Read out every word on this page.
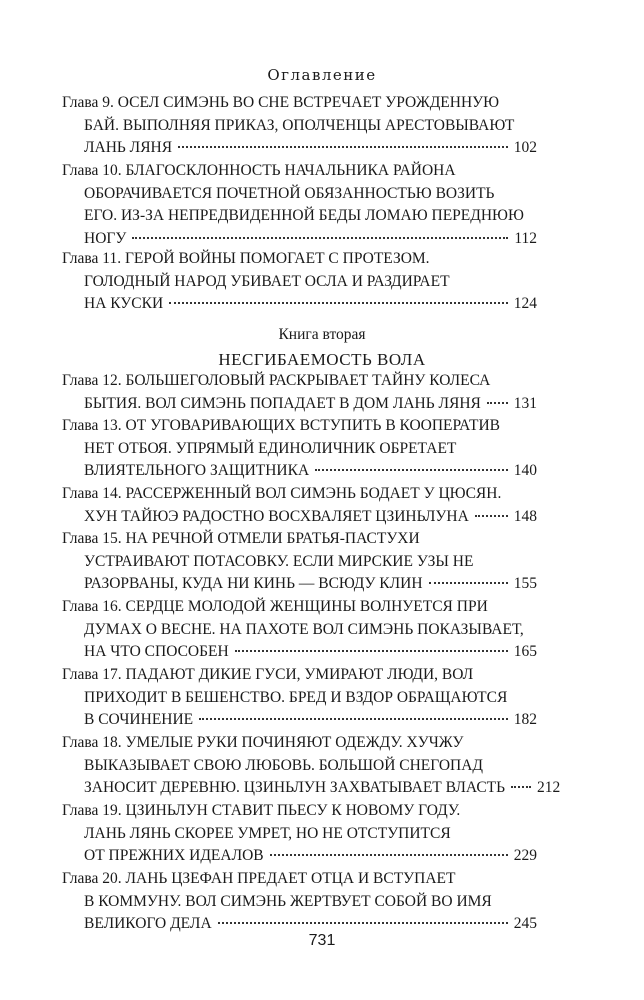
Оглавление
Глава 9. ОСЕЛ СИМЭНЬ ВО СНЕ ВСТРЕЧАЕТ УРОЖДЕННУЮ
БАЙ. ВЫПОЛНЯЯ ПРИКАЗ, ОПОЛЧЕНЦЫ АРЕСТОВЫВАЮТ
ЛАНЬ ЛЯНЯ	102
Глава 10. БЛАГОСКЛОННОСТЬ НАЧАЛЬНИКА РАЙОНА
ОБОРАЧИВАЕТСЯ ПОЧЕТНОЙ ОБЯЗАННОСТЬЮ ВОЗИТЬ
ЕГО. ИЗ-ЗА НЕПРЕДВИДЕННОЙ БЕДЫ ЛОМАЮ ПЕРЕДНЮЮ
НОГУ	112
Глава 11. ГЕРОЙ ВОЙНЫ ПОМОГАЕТ С ПРОТЕЗОМ.
ГОЛОДНЫЙ НАРОД УБИВАЕТ ОСЛА И РАЗДИРАЕТ
НА КУСКИ	124
Глава 12. БОЛЬШЕГОЛОВЫЙ РАСКРЫВАЕТ ТАЙНУ КОЛЕСА
БЫТИЯ. ВОЛ СИМЭНЬ ПОПАДАЕТ В ДОМ ЛАНЬ ЛЯНЯ 131
Глава 13. ОТ УГОВАРИВАЮЩИХ ВСТУПИТЬ В КООПЕРАТИВ
НЕТ ОТБОЯ. УПРЯМЫЙ ЕДИНОЛИЧНИК ОБРЕТАЕТ
ВЛИЯТЕЛЬНОГО ЗАЩИТНИКА	140
Глава 14. РАССЕРЖЕННЫЙ ВОЛ СИМЭНЬ БОДАЕТ У ЦЮСЯН.
ХУН ТАЙЮЭ РАДОСТНО ВОСХВАЛЯЕТ ЦЗИНЬЛУНА	148
Глава 15. НА РЕЧНОЙ ОТМЕЛИ БРАТЬЯ-ПАСТУХИ
УСТРАИВАЮТ ПОТАСОВКУ. ЕСЛИ МИРСКИЕ УЗЫ НЕ
РАЗОРВАНЫ, КУДА НИ КИНЬ — ВСЮДУ КЛИН	155
Глава 16. СЕРДЦЕ МОЛОДОЙ ЖЕНЩИНЫ ВОЛНУЕТСЯ ПРИ
ДУМАХ О ВЕСНЕ. НА ПАХОТЕ ВОЛ СИМЭНЬ ПОКАЗЫВАЕТ,
НА ЧТО СПОСОБЕН	165
Глава 17. ПАДАЮТ ДИКИЕ ГУСИ, УМИРАЮТ ЛЮДИ, ВОЛ
ПРИХОДИТ В БЕШЕНСТВО. БРЕД И ВЗДОР ОБРАЩАЮТСЯ
В СОЧИНЕНИЕ	182
Глава 18. УМЕЛЫЕ РУКИ ПОЧИНЯЮТ ОДЕЖДУ. ХУЧЖУ
ВЫКАЗЫВАЕТ СВОЮ ЛЮБОВЬ. БОЛЬШОЙ СНЕГОПАД
ЗАНОСИТ ДЕРЕВНЮ. ЦЗИНЬЛУН ЗАХВАТЫВАЕТ ВЛАСТЬ 212
Глава 19. ЦЗИНЬЛУН СТАВИТ ПЬЕСУ К НОВОМУ ГОДУ.
ЛАНЬ ЛЯНЬ СКОРЕЕ УМРЕТ, НО НЕ ОТСТУПИТСЯ
ОТ ПРЕЖНИХ ИДЕАЛОВ	229
Глава 20. ЛАНЬ ЦЗЕФАН ПРЕДАЕТ ОТЦА И ВСТУПАЕТ
В КОММУНУ. ВОЛ СИМЭНЬ ЖЕРТВУЕТ СОБОЙ ВО ИМЯ
ВЕЛИКОГО ДЕЛА	245
Книга вторая
НЕСГИБАЕМОСТЬ ВОЛА
731
